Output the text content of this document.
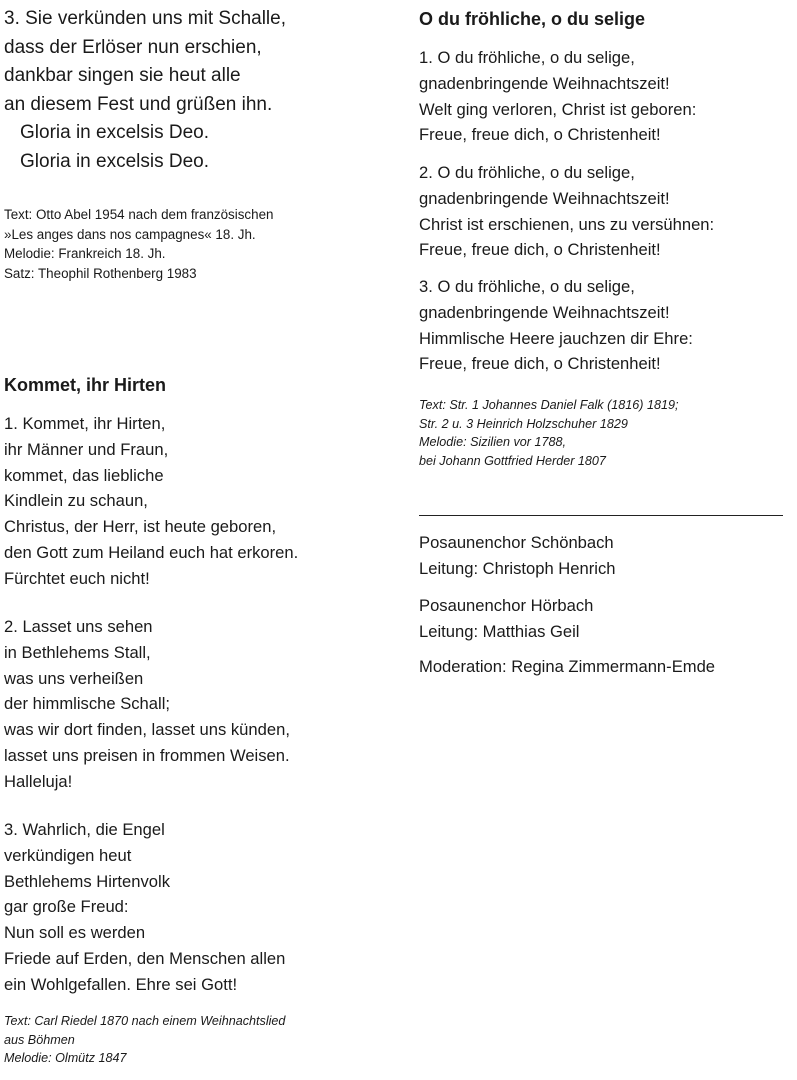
3. Sie verkünden uns mit Schalle,
dass der Erlöser nun erschien,
dankbar singen sie heut alle
an diesem Fest und grüßen ihn.
Gloria in excelsis Deo.
Gloria in excelsis Deo.
Text: Otto Abel 1954 nach dem französischen
»Les anges dans nos campagnes« 18. Jh.
Melodie: Frankreich 18. Jh.
Satz: Theophil Rothenberg 1983
Kommet, ihr Hirten
1. Kommet, ihr Hirten,
ihr Männer und Fraun,
kommet, das liebliche
Kindlein zu schaun,
Christus, der Herr, ist heute geboren,
den Gott zum Heiland euch hat erkoren.
Fürchtet euch nicht!
2. Lasset uns sehen
in Bethlehems Stall,
was uns verheißen
der himmlische Schall;
was wir dort finden, lasset uns künden,
lasset uns preisen in frommen Weisen.
Halleluja!
3. Wahrlich, die Engel
verkündigen heut
Bethlehems Hirtenvolk
gar große Freud:
Nun soll es werden
Friede auf Erden, den Menschen allen
ein Wohlgefallen. Ehre sei Gott!
Text: Carl Riedel 1870 nach einem Weihnachtslied
aus Böhmen
Melodie: Olmütz 1847
O du fröhliche, o du selige
1. O du fröhliche, o du selige,
gnadenbringende Weihnachtszeit!
Welt ging verloren, Christ ist geboren:
Freue, freue dich, o Christenheit!
2. O du fröhliche, o du selige,
gnadenbringende Weihnachtszeit!
Christ ist erschienen, uns zu versühnen:
Freue, freue dich, o Christenheit!
3. O du fröhliche, o du selige,
gnadenbringende Weihnachtszeit!
Himmlische Heere jauchzen dir Ehre:
Freue, freue dich, o Christenheit!
Text: Str. 1 Johannes Daniel Falk (1816) 1819;
Str. 2 u. 3 Heinrich Holzschuher 1829
Melodie: Sizilien vor 1788,
bei Johann Gottfried Herder 1807
Posaunenchor Schönbach
Leitung: Christoph Henrich
Posaunenchor Hörbach
Leitung: Matthias Geil
Moderation: Regina Zimmermann-Emde
